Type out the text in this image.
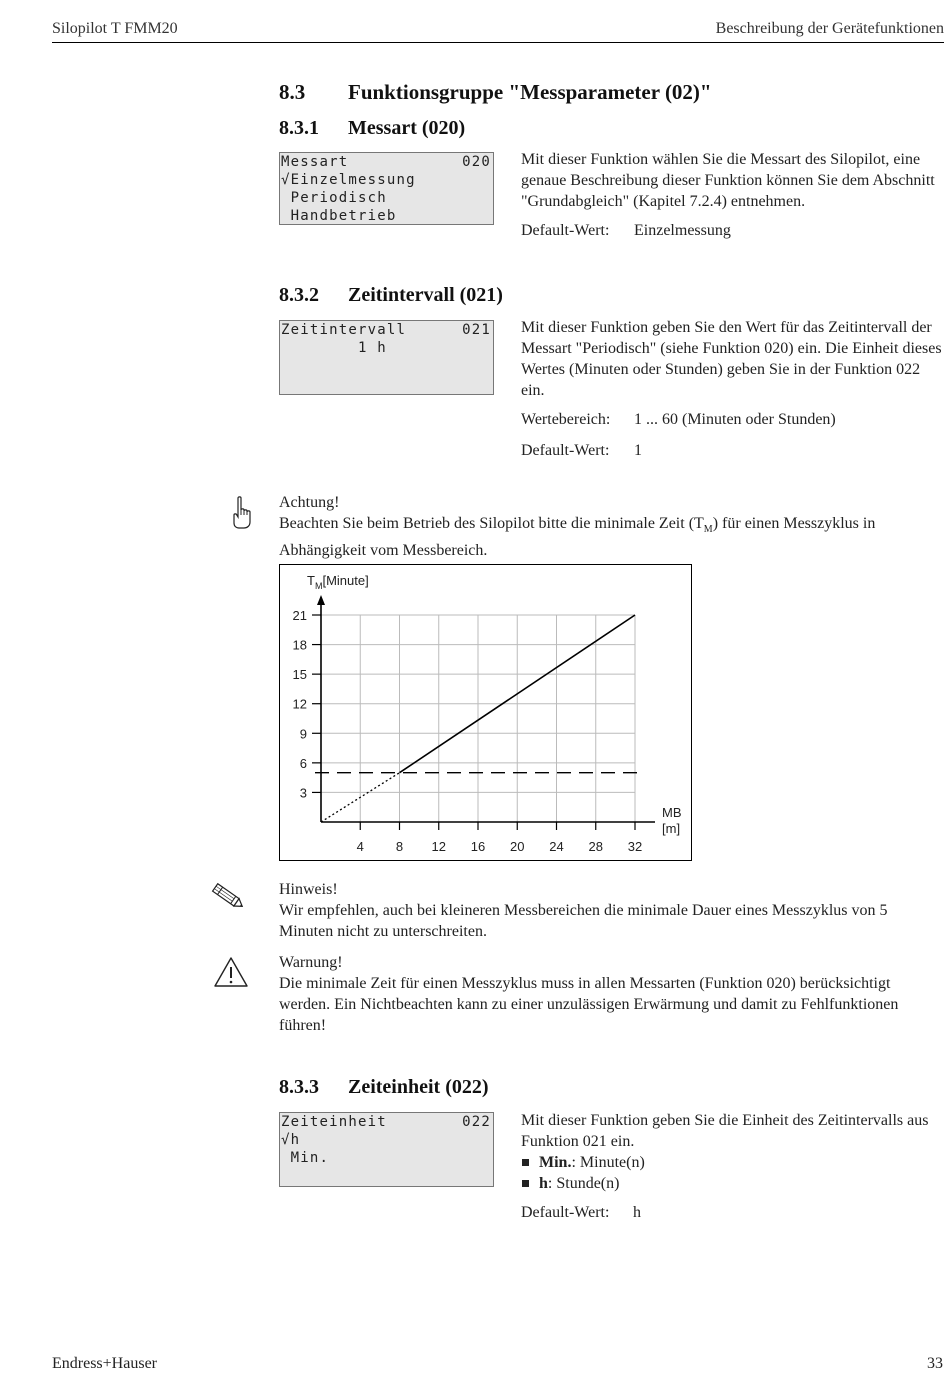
Silopilot T FMM20	Beschreibung der Gerätefunktionen
8.3 Funktionsgruppe "Messparameter (02)"
8.3.1 Messart (020)
Messart	020
√Einzelmessung
Periodisch
Handbetrieb
Mit dieser Funktion wählen Sie die Messart des Silopilot, eine genaue Beschreibung dieser Funktion können Sie dem Abschnitt "Grundabgleich" (Kapitel 7.2.4) entnehmen.
Default-Wert: Einzelmessung
8.3.2 Zeitintervall (021)
Zeitintervall	021
1 h
Mit dieser Funktion geben Sie den Wert für das Zeitintervall der Messart "Periodisch" (siehe Funktion 020) ein. Die Einheit dieses Wertes (Minuten oder Stunden) geben Sie in der Funktion 022 ein.
Wertebereich: 1 ... 60 (Minuten oder Stunden)
Default-Wert: 1
Achtung!
Beachten Sie beim Betrieb des Silopilot bitte die minimale Zeit $(T_M)$ für einen Messzyklus in Abhängigkeit vom Messbereich.
3
6
9
12
15
18
21
4 8 12 16 20 24 28 32
$T_M[Minute]$
MB
[m]
Hinweis!
Wir empfehlen, auch bei kleineren Messbereichen die minimale Dauer eines Messzyklus von 5 Minuten nicht zu unterschreiten.
Warnung!
Die minimale Zeit für einen Messzyklus muss in allen Messarten (Funktion 020) berücksichtigt werden. Ein Nichtbeachten kann zu einer unzulässigen Erwärmung und damit zu Fehlfunktionen führen!
8.3.3 Zeiteinheit (022)
Zeiteinheit	022
√h
Min.
Mit dieser Funktion geben Sie die Einheit des Zeitintervalls aus Funktion 021 ein.
Min.: Minute(n)
h: Stunde(n)
Default-Wert: h
Endress+Hauser	33
